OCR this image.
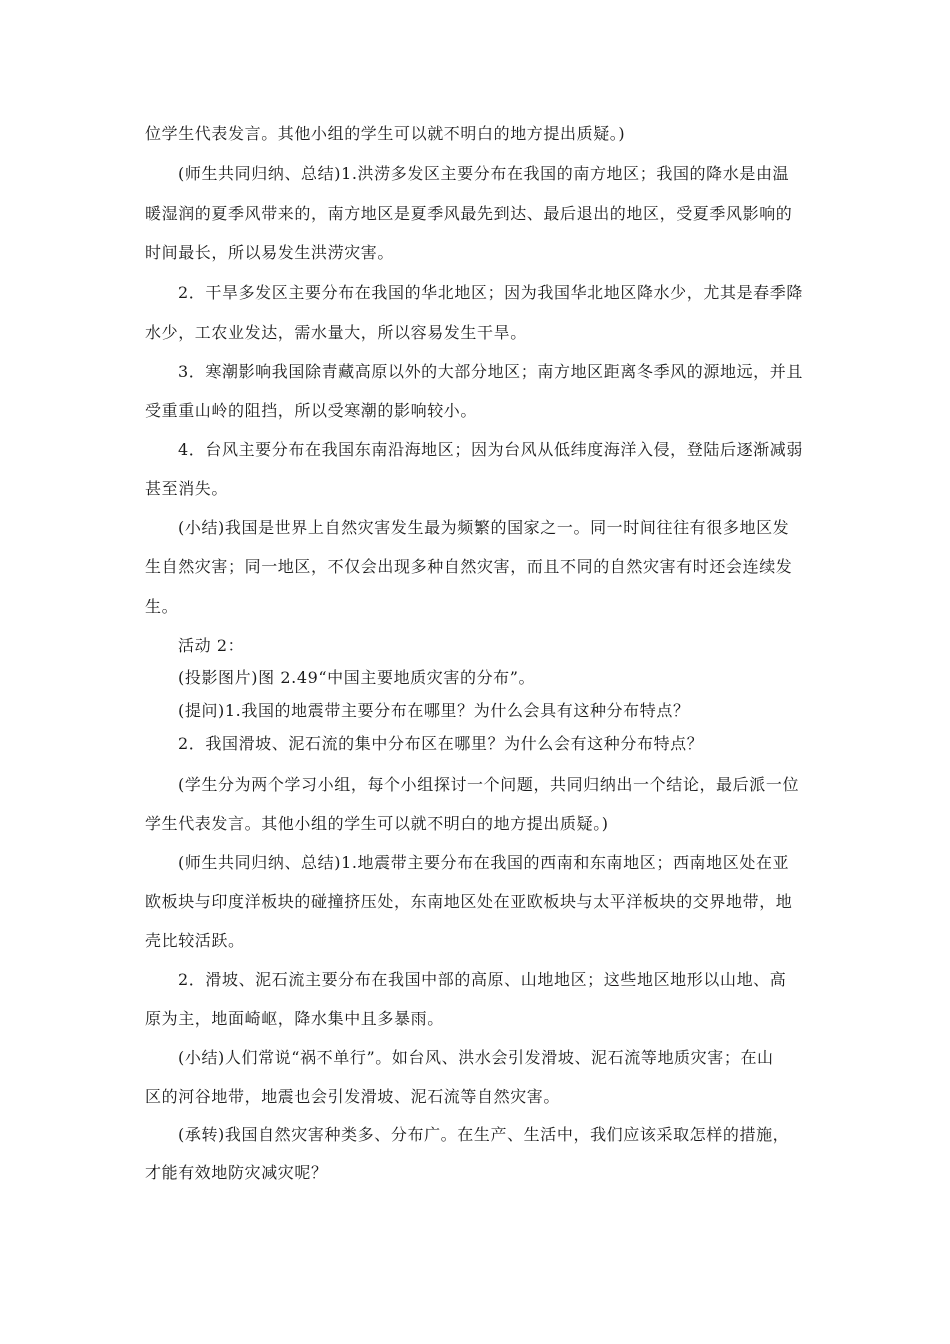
位学生代表发言。其他小组的学生可以就不明白的地方提出质疑。)
(师生共同归纳、总结)1.洪涝多发区主要分布在我国的南方地区；我国的降水是由温
暖湿润的夏季风带来的，南方地区是夏季风最先到达、最后退出的地区，受夏季风影响的
时间最长，所以易发生洪涝灾害。
2．干旱多发区主要分布在我国的华北地区；因为我国华北地区降水少，尤其是春季降
水少，工农业发达，需水量大，所以容易发生干旱。
3．寒潮影响我国除青藏高原以外的大部分地区；南方地区距离冬季风的源地远，并且
受重重山岭的阻挡，所以受寒潮的影响较小。
4．台风主要分布在我国东南沿海地区；因为台风从低纬度海洋入侵，登陆后逐渐减弱
甚至消失。
(小结)我国是世界上自然灾害发生最为频繁的国家之一。同一时间往往有很多地区发
生自然灾害；同一地区，不仅会出现多种自然灾害，而且不同的自然灾害有时还会连续发
生。
活动 2：
(投影图片)图 2.49“中国主要地质灾害的分布”。
(提问)1.我国的地震带主要分布在哪里？为什么会具有这种分布特点？
2．我国滑坡、泥石流的集中分布区在哪里？为什么会有这种分布特点？
(学生分为两个学习小组，每个小组探讨一个问题，共同归纳出一个结论，最后派一位
学生代表发言。其他小组的学生可以就不明白的地方提出质疑。)
(师生共同归纳、总结)1.地震带主要分布在我国的西南和东南地区；西南地区处在亚
欧板块与印度洋板块的碰撞挤压处，东南地区处在亚欧板块与太平洋板块的交界地带，地
壳比较活跃。
2．滑坡、泥石流主要分布在我国中部的高原、山地地区；这些地区地形以山地、高
原为主，地面崎岖，降水集中且多暴雨。
(小结)人们常说“祸不单行”。如台风、洪水会引发滑坡、泥石流等地质灾害；在山
区的河谷地带，地震也会引发滑坡、泥石流等自然灾害。
(承转)我国自然灾害种类多、分布广。在生产、生活中，我们应该采取怎样的措施，
才能有效地防灾减灾呢？
